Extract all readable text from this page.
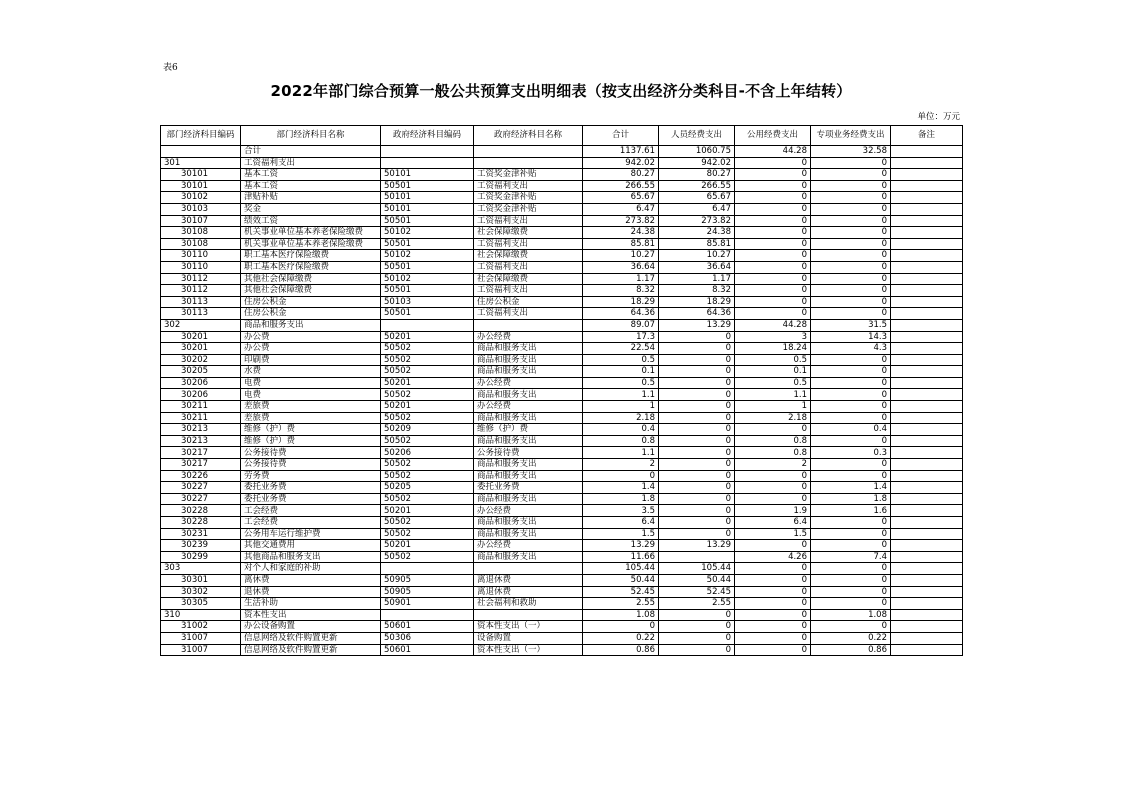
表6
2022年部门综合预算一般公共预算支出明细表（按支出经济分类科目-不含上年结转）
单位：万元
部门经济科目编码	部门经济科目名称	政府经济科目编码	政府经济科目名称	合计	人员经费支出	公用经费支出	专项业务经费支出	备注
	合计			1137.61	1060.75	44.28	32.58	
301	工资福利支出			942.02	942.02	0	0	
30101	基本工资	50101	工资奖金津补贴	80.27	80.27	0	0	
30101	基本工资	50501	工资福利支出	266.55	266.55	0	0	
30102	津贴补贴	50101	工资奖金津补贴	65.67	65.67	0	0	
30103	奖金	50101	工资奖金津补贴	6.47	6.47	0	0	
30107	绩效工资	50501	工资福利支出	273.82	273.82	0	0	
30108	机关事业单位基本养老保险缴费	50102	社会保障缴费	24.38	24.38	0	0	
30108	机关事业单位基本养老保险缴费	50501	工资福利支出	85.81	85.81	0	0	
30110	职工基本医疗保险缴费	50102	社会保障缴费	10.27	10.27	0	0	
30110	职工基本医疗保险缴费	50501	工资福利支出	36.64	36.64	0	0	
30112	其他社会保障缴费	50102	社会保障缴费	1.17	1.17	0	0	
30112	其他社会保障缴费	50501	工资福利支出	8.32	8.32	0	0	
30113	住房公积金	50103	住房公积金	18.29	18.29	0	0	
30113	住房公积金	50501	工资福利支出	64.36	64.36	0	0	
302	商品和服务支出			89.07	13.29	44.28	31.5	
30201	办公费	50201	办公经费	17.3	0	3	14.3	
30201	办公费	50502	商品和服务支出	22.54	0	18.24	4.3	
30202	印刷费	50502	商品和服务支出	0.5	0	0.5	0	
30205	水费	50502	商品和服务支出	0.1	0	0.1	0	
30206	电费	50201	办公经费	0.5	0	0.5	0	
30206	电费	50502	商品和服务支出	1.1	0	1.1	0	
30211	差旅费	50201	办公经费	1	0	1	0	
30211	差旅费	50502	商品和服务支出	2.18	0	2.18	0	
30213	维修（护）费	50209	维修（护）费	0.4	0	0	0.4	
30213	维修（护）费	50502	商品和服务支出	0.8	0	0.8	0	
30217	公务接待费	50206	公务接待费	1.1	0	0.8	0.3	
30217	公务接待费	50502	商品和服务支出	2	0	2	0	
30226	劳务费	50502	商品和服务支出	0	0	0	0	
30227	委托业务费	50205	委托业务费	1.4	0	0	1.4	
30227	委托业务费	50502	商品和服务支出	1.8	0	0	1.8	
30228	工会经费	50201	办公经费	3.5	0	1.9	1.6	
30228	工会经费	50502	商品和服务支出	6.4	0	6.4	0	
30231	公务用车运行维护费	50502	商品和服务支出	1.5	0	1.5	0	
30239	其他交通费用	50201	办公经费	13.29	13.29	0	0	
30299	其他商品和服务支出	50502	商品和服务支出	11.66		4.26	7.4	
303	对个人和家庭的补助			105.44	105.44	0	0	
30301	离休费	50905	离退休费	50.44	50.44	0	0	
30302	退休费	50905	离退休费	52.45	52.45	0	0	
30305	生活补助	50901	社会福利和救助	2.55	2.55	0	0	
310	资本性支出			1.08	0	0	1.08	
31002	办公设备购置	50601	资本性支出（一）	0	0	0	0	
31007	信息网络及软件购置更新	50306	设备购置	0.22	0	0	0.22	
31007	信息网络及软件购置更新	50601	资本性支出（一）	0.86	0	0	0.86	
